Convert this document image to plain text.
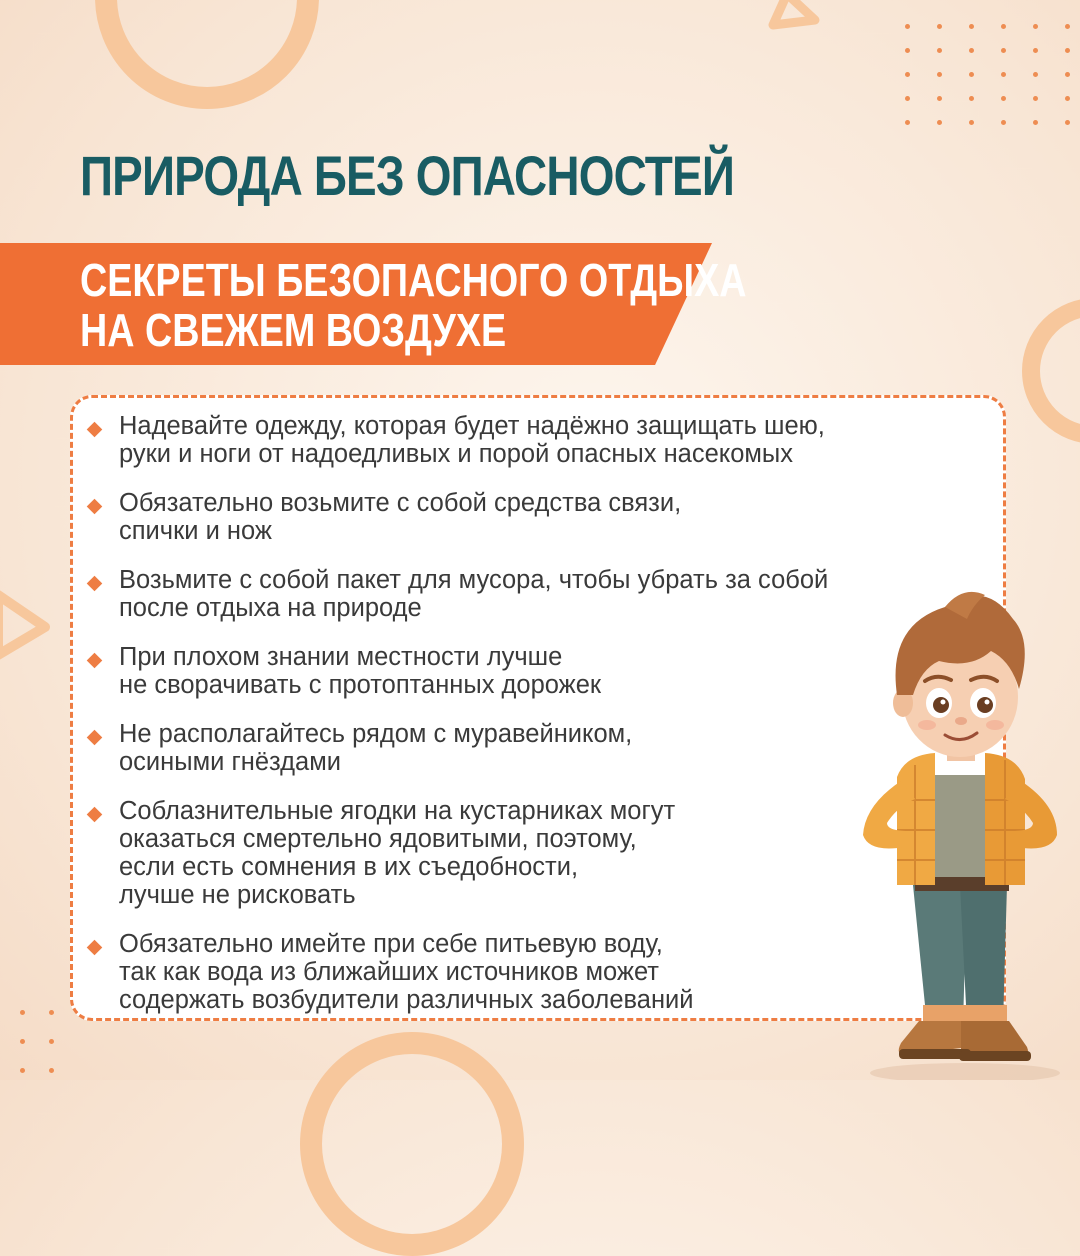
ПРИРОДА БЕЗ ОПАСНОСТЕЙ
СЕКРЕТЫ БЕЗОПАСНОГО ОТДЫХА
НА СВЕЖЕМ ВОЗДУХЕ
Надевайте одежду, которая будет надёжно защищать шею,
руки и ноги от надоедливых и порой опасных насекомых
Обязательно возьмите с собой средства связи,
спички и нож
Возьмите с собой пакет для мусора, чтобы убрать за собой
после отдыха на природе
При плохом знании местности лучше
не сворачивать с протоптанных дорожек
Не располагайтесь рядом с муравейником,
осиными гнёздами
Соблазнительные ягодки на кустарниках могут
оказаться смертельно ядовитыми, поэтому,
если есть сомнения в их съедобности,
лучше не рисковать
Обязательно имейте при себе питьевую воду,
так как вода из ближайших источников может
содержать возбудители различных заболеваний
